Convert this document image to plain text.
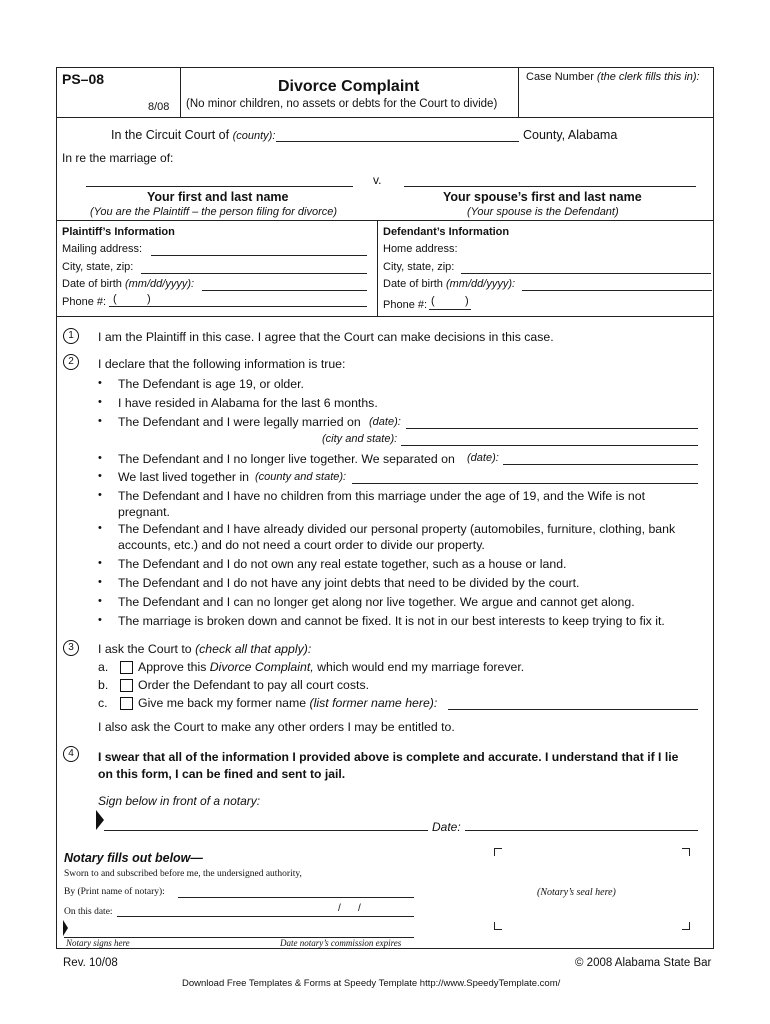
PS–08
8/08
Divorce Complaint
(No minor children, no assets or debts for the Court to divide)
Case Number (the clerk fills this in):
In the Circuit Court of (county):	County, Alabama
In re the marriage of:
v.
Your first and last name
(You are the Plaintiff – the person filing for divorce)
Your spouse’s first and last name
(Your spouse is the Defendant)
Plaintiff’s Information
Mailing address:
City, state, zip:
Date of birth (mm/dd/yyyy):
Phone #: (	)
Defendant’s Information
Home address:
City, state, zip:
Date of birth (mm/dd/yyyy):
Phone #: (	)
1	I am the Plaintiff in this case. I agree that the Court can make decisions in this case.
2	I declare that the following information is true:
• The Defendant is age 19, or older.
• I have resided in Alabama for the last 6 months.
• The Defendant and I were legally married on
• The Defendant and I no longer live together. We separated on
• We last lived together in
• The Defendant and I have no children from this marriage under the age of 19, and the Wife is not
• The Defendant and I have already divided our personal property (automobiles, furniture, clothing, bank
• The Defendant and I do not own any real estate together, such as a house or land.
• The Defendant and I do not have any joint debts that need to be divided by the court.
• The Defendant and I can no longer get along nor live together. We argue and cannot get along.
• The marriage is broken down and cannot be fixed. It is not in our best interests to keep trying to fix it.
pregnant.
accounts, etc.) and do not need a court order to divide our property.
(date):
(city and state):
(date):
(county and state):
3	I ask the Court to (check all that apply):
a. Approve this Divorce Complaint, which would end my marriage forever.
b. Order the Defendant to pay all court costs.
c. Give me back my former name (list former name here):
I also ask the Court to make any other orders I may be entitled to.
4	I swear that all of the information I provided above is complete and accurate. I understand that if I lie
on this form, I can be fined and sent to jail.
Sign below in front of a notary:
Date:
Notary fills out below—
Sworn to and subscribed before me, the undersigned authority,
By (Print name of notary):
On this date:	/ /
Notary signs here	Date notary’s commission expires
(Notary’s seal here)
Rev. 10/08	© 2008 Alabama State Bar
Download Free Templates & Forms at Speedy Template http://www.SpeedyTemplate.com/
